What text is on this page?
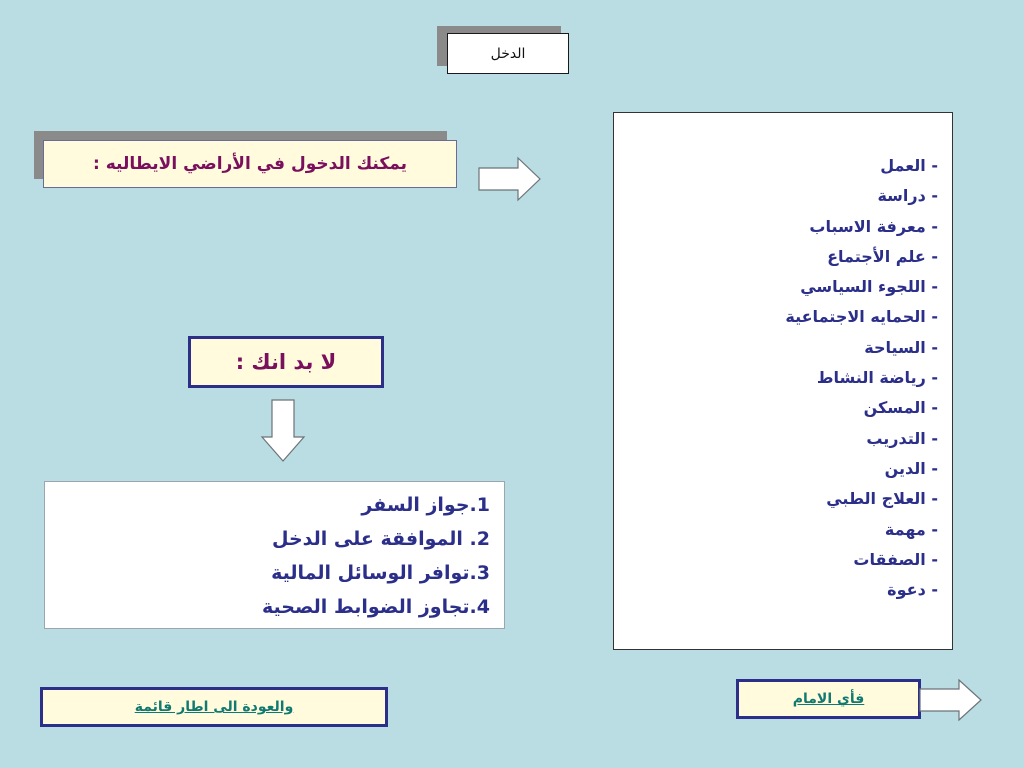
الدخل
يمكنك الدخول في الأراضي الايطاليه :	- العمل
- دراسة
- معرفة الاسباب
- علم الأجتماع
- اللجوء السياسي
- الحمايه الاجتماعية
- السياحة
- رياضة النشاط
- المسكن
- التدريب
- الدين
- العلاج الطبي
- مهمة
- الصفقات
- دعوة
لا بد انك :
1.جواز السفر
2. الموافقة على الدخل
3.توافر الوسائل المالية
4.تجاوز الضوابط الصحية
والعودة الى اطار قائمة	فأي الامام
